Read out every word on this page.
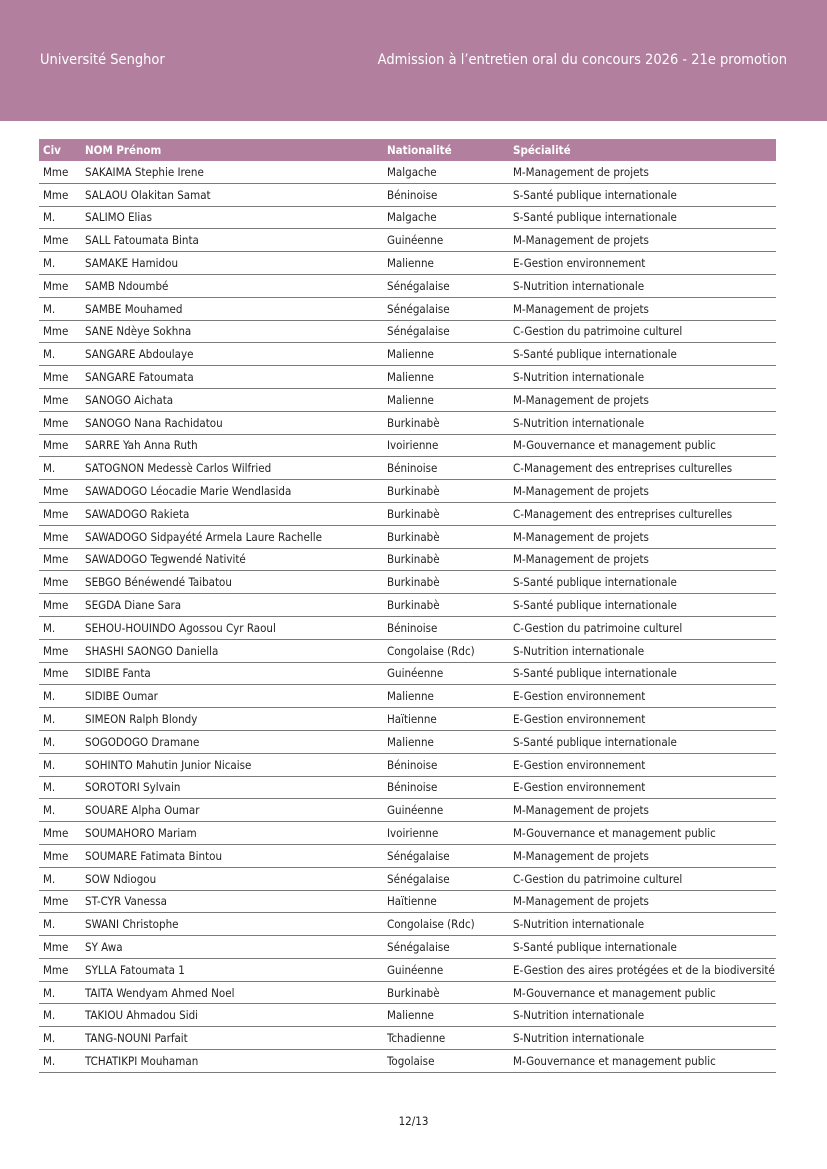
Université Senghor	Admission à l’entretien oral du concours 2026 - 21e promotion
Civ	NOM Prénom	Nationalité	Spécialité
Mme	SAKAIMA Stephie Irene	Malgache	M-Management de projets
Mme	SALAOU Olakitan Samat	Béninoise	S-Santé publique internationale
M.	SALIMO Elias	Malgache	S-Santé publique internationale
Mme	SALL Fatoumata Binta	Guinéenne	M-Management de projets
M.	SAMAKE Hamidou	Malienne	E-Gestion environnement
Mme	SAMB Ndoumbé	Sénégalaise	S-Nutrition internationale
M.	SAMBE Mouhamed	Sénégalaise	M-Management de projets
Mme	SANE Ndèye Sokhna	Sénégalaise	C-Gestion du patrimoine culturel
M.	SANGARE Abdoulaye	Malienne	S-Santé publique internationale
Mme	SANGARE Fatoumata	Malienne	S-Nutrition internationale
Mme	SANOGO Aichata	Malienne	M-Management de projets
Mme	SANOGO Nana Rachidatou	Burkinabè	S-Nutrition internationale
Mme	SARRE Yah Anna Ruth	Ivoirienne	M-Gouvernance et management public
M.	SATOGNON Medessè Carlos Wilfried	Béninoise	C-Management des entreprises culturelles
Mme	SAWADOGO Léocadie Marie Wendlasida	Burkinabè	M-Management de projets
Mme	SAWADOGO Rakieta	Burkinabè	C-Management des entreprises culturelles
Mme	SAWADOGO Sidpayété Armela Laure Rachelle	Burkinabè	M-Management de projets
Mme	SAWADOGO Tegwendé Nativité	Burkinabè	M-Management de projets
Mme	SEBGO Bénéwendé Taibatou	Burkinabè	S-Santé publique internationale
Mme	SEGDA Diane Sara	Burkinabè	S-Santé publique internationale
M.	SEHOU-HOUINDO Agossou Cyr Raoul	Béninoise	C-Gestion du patrimoine culturel
Mme	SHASHI SAONGO Daniella	Congolaise (Rdc)	S-Nutrition internationale
Mme	SIDIBE Fanta	Guinéenne	S-Santé publique internationale
M.	SIDIBE Oumar	Malienne	E-Gestion environnement
M.	SIMEON Ralph Blondy	Haïtienne	E-Gestion environnement
M.	SOGODOGO Dramane	Malienne	S-Santé publique internationale
M.	SOHINTO Mahutin Junior Nicaise	Béninoise	E-Gestion environnement
M.	SOROTORI Sylvain	Béninoise	E-Gestion environnement
M.	SOUARE Alpha Oumar	Guinéenne	M-Management de projets
Mme	SOUMAHORO Mariam	Ivoirienne	M-Gouvernance et management public
Mme	SOUMARE Fatimata Bintou	Sénégalaise	M-Management de projets
M.	SOW Ndiogou	Sénégalaise	C-Gestion du patrimoine culturel
Mme	ST-CYR Vanessa	Haïtienne	M-Management de projets
M.	SWANI Christophe	Congolaise (Rdc)	S-Nutrition internationale
Mme	SY Awa	Sénégalaise	S-Santé publique internationale
Mme	SYLLA Fatoumata 1	Guinéenne	E-Gestion des aires protégées et de la biodiversité
M.	TAITA Wendyam Ahmed Noel	Burkinabè	M-Gouvernance et management public
M.	TAKIOU Ahmadou Sidi	Malienne	S-Nutrition internationale
M.	TANG-NOUNI Parfait	Tchadienne	S-Nutrition internationale
M.	TCHATIKPI Mouhaman	Togolaise	M-Gouvernance et management public
12/13
